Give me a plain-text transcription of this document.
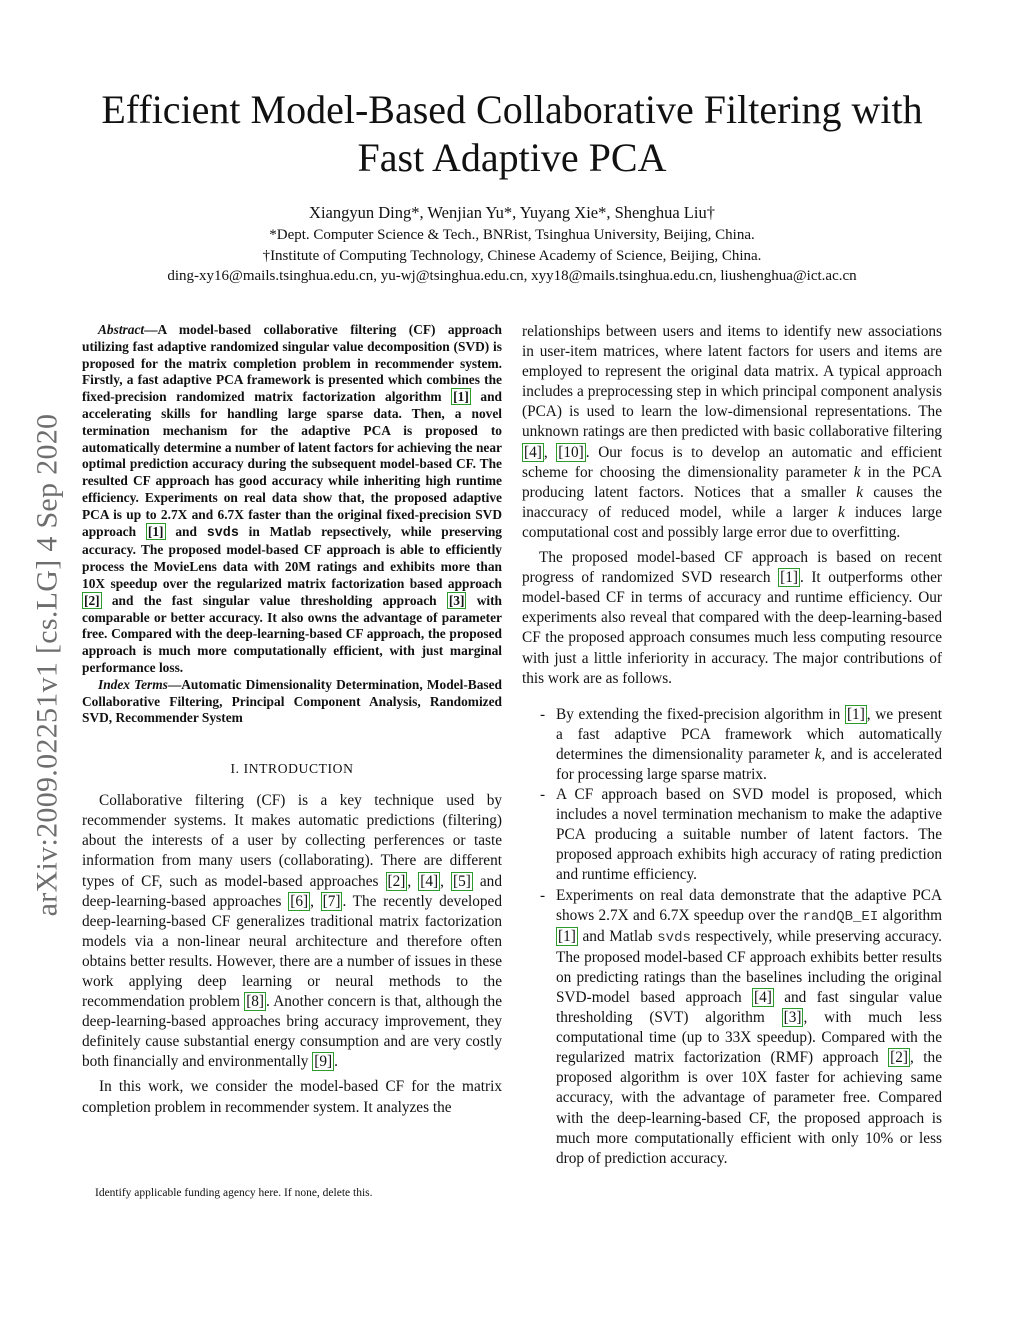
arXiv:2009.02251v1 [cs.LG] 4 Sep 2020
Efficient Model-Based Collaborative Filtering with Fast Adaptive PCA
Xiangyun Ding*, Wenjian Yu*, Yuyang Xie*, Shenghua Liu†
*Dept. Computer Science & Tech., BNRist, Tsinghua University, Beijing, China.
†Institute of Computing Technology, Chinese Academy of Science, Beijing, China.
ding-xy16@mails.tsinghua.edu.cn, yu-wj@tsinghua.edu.cn, xyy18@mails.tsinghua.edu.cn, liushenghua@ict.ac.cn

Abstract—A model-based collaborative filtering (CF) approach utilizing fast adaptive randomized singular value decomposition (SVD) is proposed for the matrix completion problem in recommender system. Firstly, a fast adaptive PCA framework is presented which combines the fixed-precision randomized matrix factorization algorithm [1] and accelerating skills for handling large sparse data. Then, a novel termination mechanism for the adaptive PCA is proposed to automatically determine a number of latent factors for achieving the near optimal prediction accuracy during the subsequent model-based CF. The resulted CF approach has good accuracy while inheriting high runtime efficiency. Experiments on real data show that, the proposed adaptive PCA is up to 2.7X and 6.7X faster than the original fixed-precision SVD approach [1] and svds in Matlab repsectively, while preserving accuracy. The proposed model-based CF approach is able to efficiently process the MovieLens data with 20M ratings and exhibits more than 10X speedup over the regularized matrix factorization based approach [2] and the fast singular value thresholding approach [3] with comparable or better accuracy. It also owns the advantage of parameter free. Compared with the deep-learning-based CF approach, the proposed approach is much more computationally efficient, with just marginal performance loss.

Index Terms—Automatic Dimensionality Determination, Model-Based Collaborative Filtering, Principal Component Analysis, Randomized SVD, Recommender System

I. INTRODUCTION

Collaborative filtering (CF) is a key technique used by recommender systems. It makes automatic predictions (filtering) about the interests of a user by collecting perferences or taste information from many users (collaborating). There are different types of CF, such as model-based approaches [2] , [4] , [5] and deep-learning-based approaches [6] , [7] . The recently developed deep-learning-based CF generalizes traditional matrix factorization models via a non-linear neural architecture and therefore often obtains better results. However, there are a number of issues in these work applying deep learning or neural methods to the recommendation problem [8] . Another concern is that, although the deep-learning-based approaches bring accuracy improvement, they definitely cause substantial energy consumption and are very costly both financially and environmentally [9] .

In this work, we consider the model-based CF for the matrix completion problem in recommender system. It analyzes the

Identify applicable funding agency here. If none, delete this.

relationships between users and items to identify new associations in user-item matrices, where latent factors for users and items are employed to represent the original data matrix. A typical approach includes a preprocessing step in which principal component analysis (PCA) is used to learn the low-dimensional representations. The unknown ratings are then predicted with basic collaborative filtering [4] , [10] . Our focus is to develop an automatic and efficient scheme for choosing the dimensionality parameter k in the PCA producing latent factors. Notices that a smaller k causes the inaccuracy of reduced model, while a larger k induces large computational cost and possibly large error due to overfitting.

The proposed model-based CF approach is based on recent progress of randomized SVD research [1] . It outperforms other model-based CF in terms of accuracy and runtime efficiency. Our experiments also reveal that compared with the deep-learning-based CF the proposed approach consumes much less computing resource with just a little inferiority in accuracy. The major contributions of this work are as follows.

- By extending the fixed-precision algorithm in [1] , we present a fast adaptive PCA framework which automatically determines the dimensionality parameter k, and is accelerated for processing large sparse matrix.
- A CF approach based on SVD model is proposed, which includes a novel termination mechanism to make the adaptive PCA producing a suitable number of latent factors. The proposed approach exhibits high accuracy of rating prediction and runtime efficiency.
- Experiments on real data demonstrate that the adaptive PCA shows 2.7X and 6.7X speedup over the randQB_EI algorithm [1] and Matlab svds respectively, while preserving accuracy. The proposed model-based CF approach exhibits better results on predicting ratings than the baselines including the original SVD-model based approach [4] and fast singular value thresholding (SVT) algorithm [3] , with much less computational time (up to 33X speedup). Compared with the regularized matrix factorization (RMF) approach [2] , the proposed algorithm is over 10X faster for achieving same accuracy, with the advantage of parameter free. Compared with the deep-learning-based CF, the proposed approach is much more computationally efficient with only 10% or less drop of prediction accuracy.
